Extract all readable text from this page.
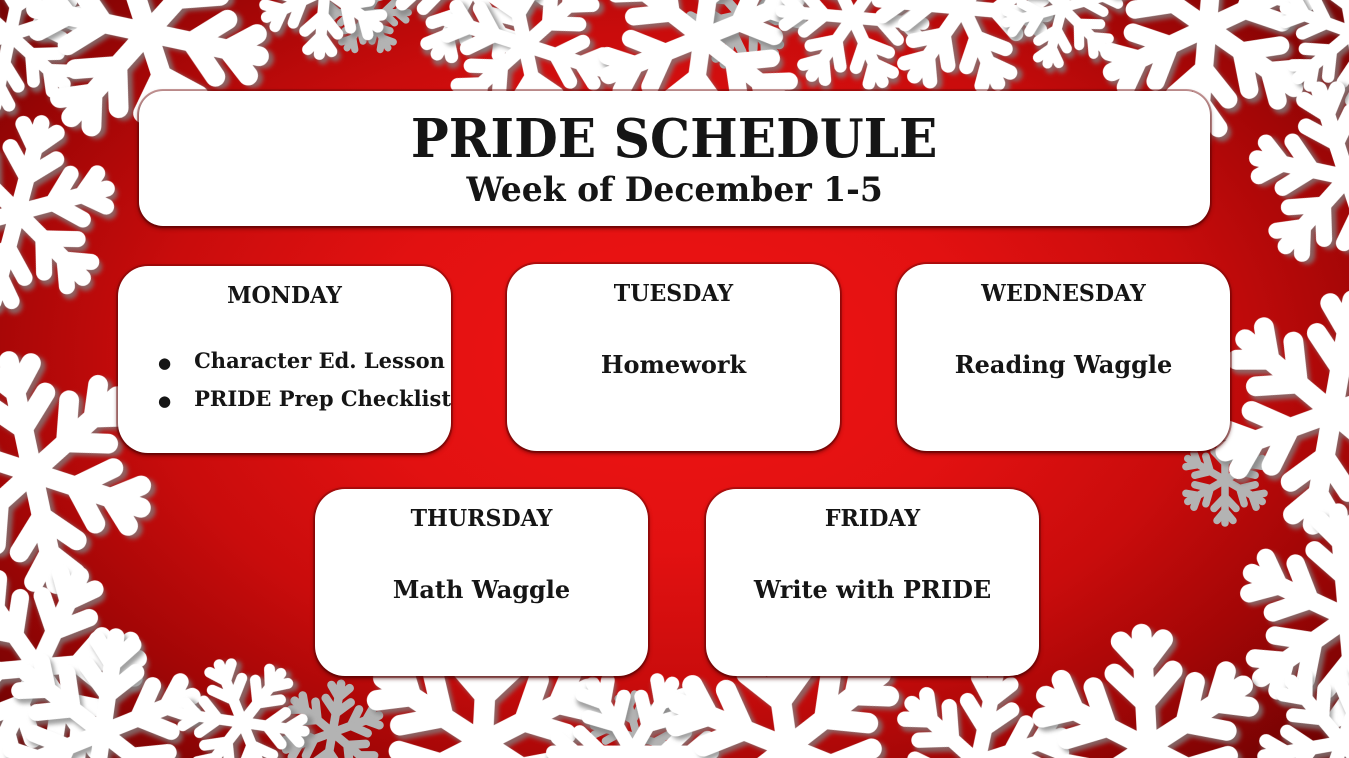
PRIDE SCHEDULE
Week of December 1-5
MONDAY
● Character Ed. Lesson
● PRIDE Prep Checklist
TUESDAY
Homework
WEDNESDAY
Reading Waggle
THURSDAY
Math Waggle
FRIDAY
Write with PRIDE
